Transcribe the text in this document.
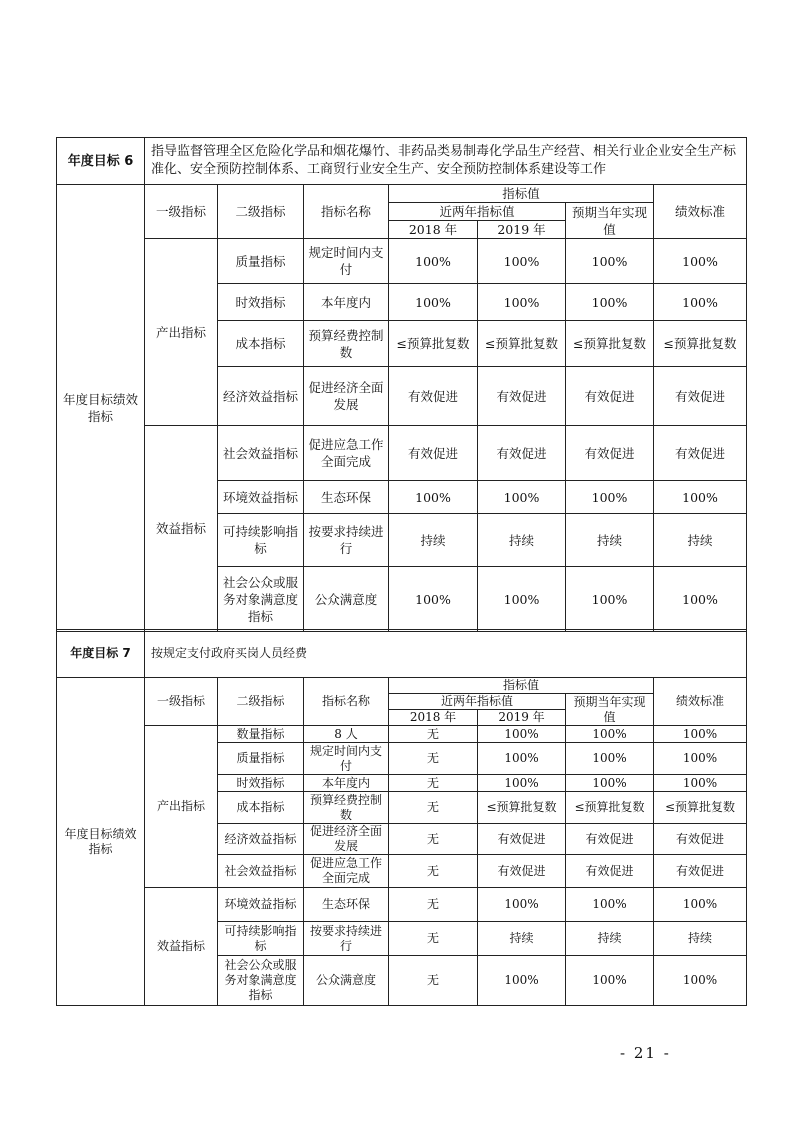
年度目标 6	指导监督管理全区危险化学品和烟花爆竹、非药品类易制毒化学品生产经营、相关行业企业安全生产标准化、安全预防控制体系、工商贸行业安全生产、安全预防控制体系建设等工作						
年度目标绩效指标	一级指标	二级指标	指标名称	指标值			绩效标准
				近两年指标值		预期当年实现值	
				2018 年	2019 年		
	产出指标	质量指标	规定时间内支付	100%	100%	100%	100%
		时效指标	本年度内	100%	100%	100%	100%
		成本指标	预算经费控制数	≤预算批复数	≤预算批复数	≤预算批复数	≤预算批复数
		经济效益指标	促进经济全面发展	有效促进	有效促进	有效促进	有效促进
	效益指标	社会效益指标	促进应急工作全面完成	有效促进	有效促进	有效促进	有效促进
		环境效益指标	生态环保	100%	100%	100%	100%
		可持续影响指标	按要求持续进行	持续	持续	持续	持续
		社会公众或服务对象满意度指标	公众满意度	100%	100%	100%	100%
年度目标 7	按规定支付政府买岗人员经费						
年度目标绩效指标	一级指标	二级指标	指标名称	指标值			绩效标准
				近两年指标值		预期当年实现值	
				2018 年	2019 年		
	产出指标	数量指标	8 人	无	100%	100%	100%
		质量指标	规定时间内支付	无	100%	100%	100%
		时效指标	本年度内	无	100%	100%	100%
		成本指标	预算经费控制数	无	≤预算批复数	≤预算批复数	≤预算批复数
		经济效益指标	促进经济全面发展	无	有效促进	有效促进	有效促进
		社会效益指标	促进应急工作全面完成	无	有效促进	有效促进	有效促进
	效益指标	环境效益指标	生态环保	无	100%	100%	100%
		可持续影响指标	按要求持续进行	无	持续	持续	持续
		社会公众或服务对象满意度指标	公众满意度	无	100%	100%	100%
- 21 -
